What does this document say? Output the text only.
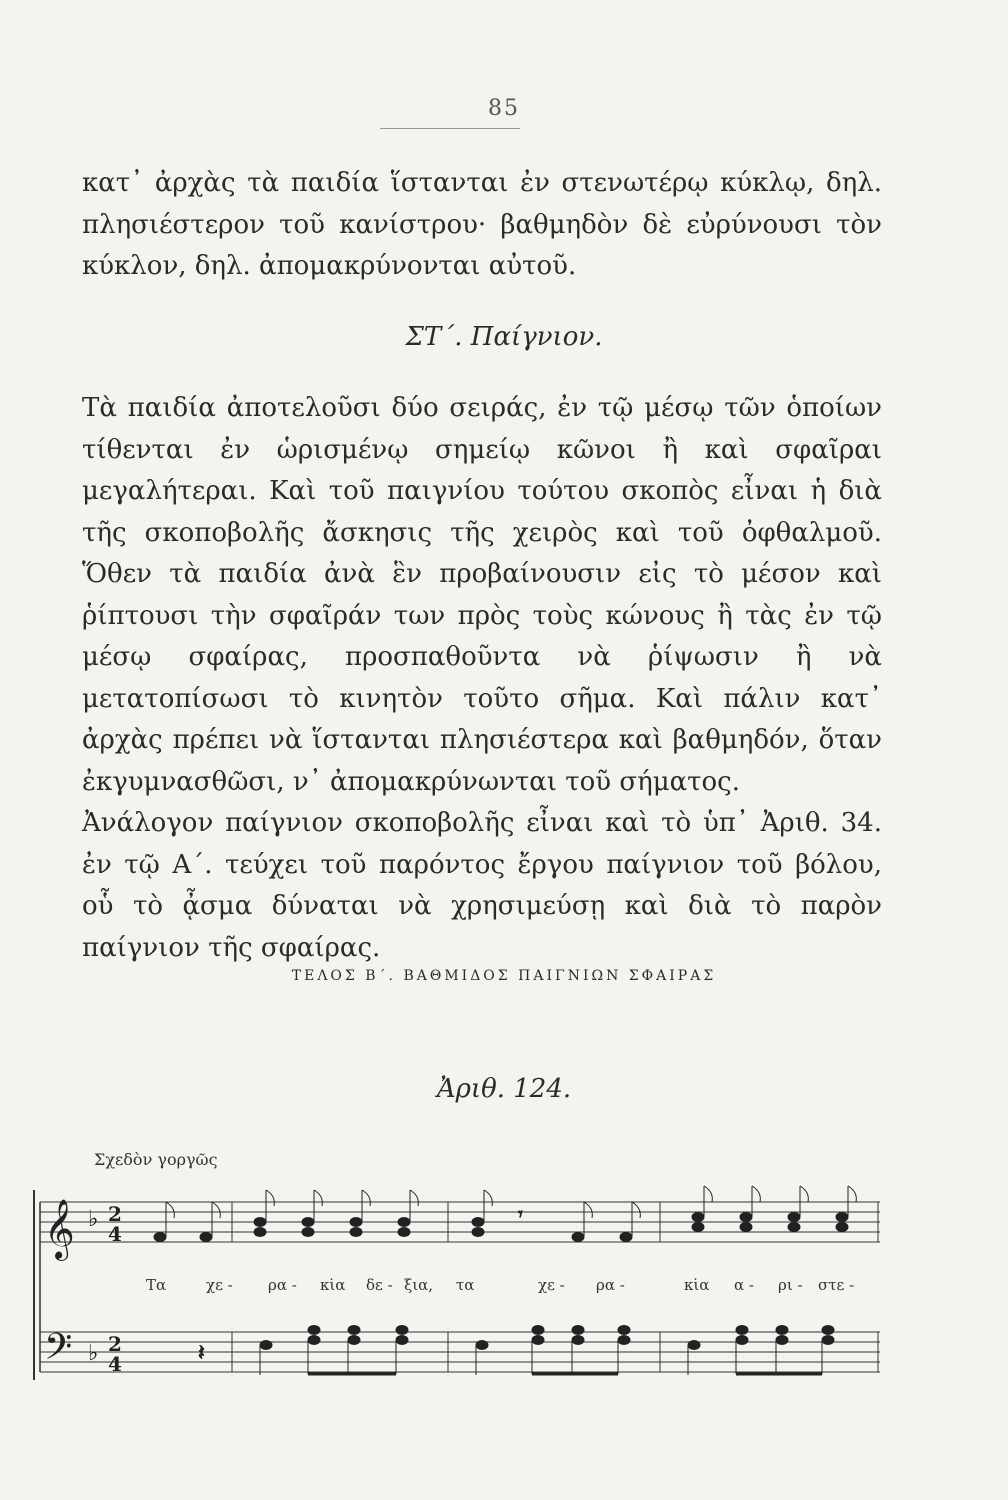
85

κατ᾽ ἀρχὰς τὰ παιδία ἵστανται ἐν στενωτέρῳ κύκλῳ, δηλ. πλησιέστερον τοῦ κανίστρου· βαθμηδὸν δὲ εὐρύνουσι τὸν κύκλον, δηλ. ἀπομακρύνονται αὐτοῦ.

ΣΤ΄. Παίγνιον.

Τὰ παιδία ἀποτελοῦσι δύο σειράς, ἐν τῷ μέσῳ τῶν ὁποίων τίθενται ἐν ὡρισμένῳ σημείῳ κῶνοι ἢ καὶ σφαῖραι μεγαλήτεραι. Καὶ τοῦ παιγνίου τούτου σκοπὸς εἶναι ἡ διὰ τῆς σκοποβολῆς ἄσκησις τῆς χειρὸς καὶ τοῦ ὀφθαλμοῦ. Ὅθεν τὰ παιδία ἀνὰ ἓν προβαίνουσιν εἰς τὸ μέσον καὶ ῥίπτουσι τὴν σφαῖράν των πρὸς τοὺς κώνους ἢ τὰς ἐν τῷ μέσῳ σφαίρας, προσπαθοῦντα νὰ ῥίψωσιν ἢ νὰ μετατοπίσωσι τὸ κινητὸν τοῦτο σῆμα. Καὶ πάλιν κατ᾽ ἀρχὰς πρέπει νὰ ἵστανται πλησιέστερα καὶ βαθμηδόν, ὅταν ἐκγυμνασθῶσι, ν᾽ ἀπομακρύνωνται τοῦ σήματος.

Ἀνάλογον παίγνιον σκοποβολῆς εἶναι καὶ τὸ ὑπ᾽ Ἀριθ. 34. ἐν τῷ Α΄. τεύχει τοῦ παρόντος ἔργου παίγνιον τοῦ βόλου, οὗ τὸ ᾆσμα δύναται νὰ χρησιμεύσῃ καὶ διὰ τὸ παρὸν παίγνιον τῆς σφαίρας.

ΤΕΛΟΣ Β΄. ΒΑΘΜΙΔΟΣ ΠΑΙΓΝΙΩΝ ΣΦΑΙΡΑΣ
Ἀριθ. 124.
Σχεδὸν γοργῶς
𝄞
𝄢
♭
♭
2
4
2
4
𝄾
Τα	χε - ρα - κι̇α δε - ξια, τα	χε - ρα -	κι̇α α - ρι - στε -
𝄽
